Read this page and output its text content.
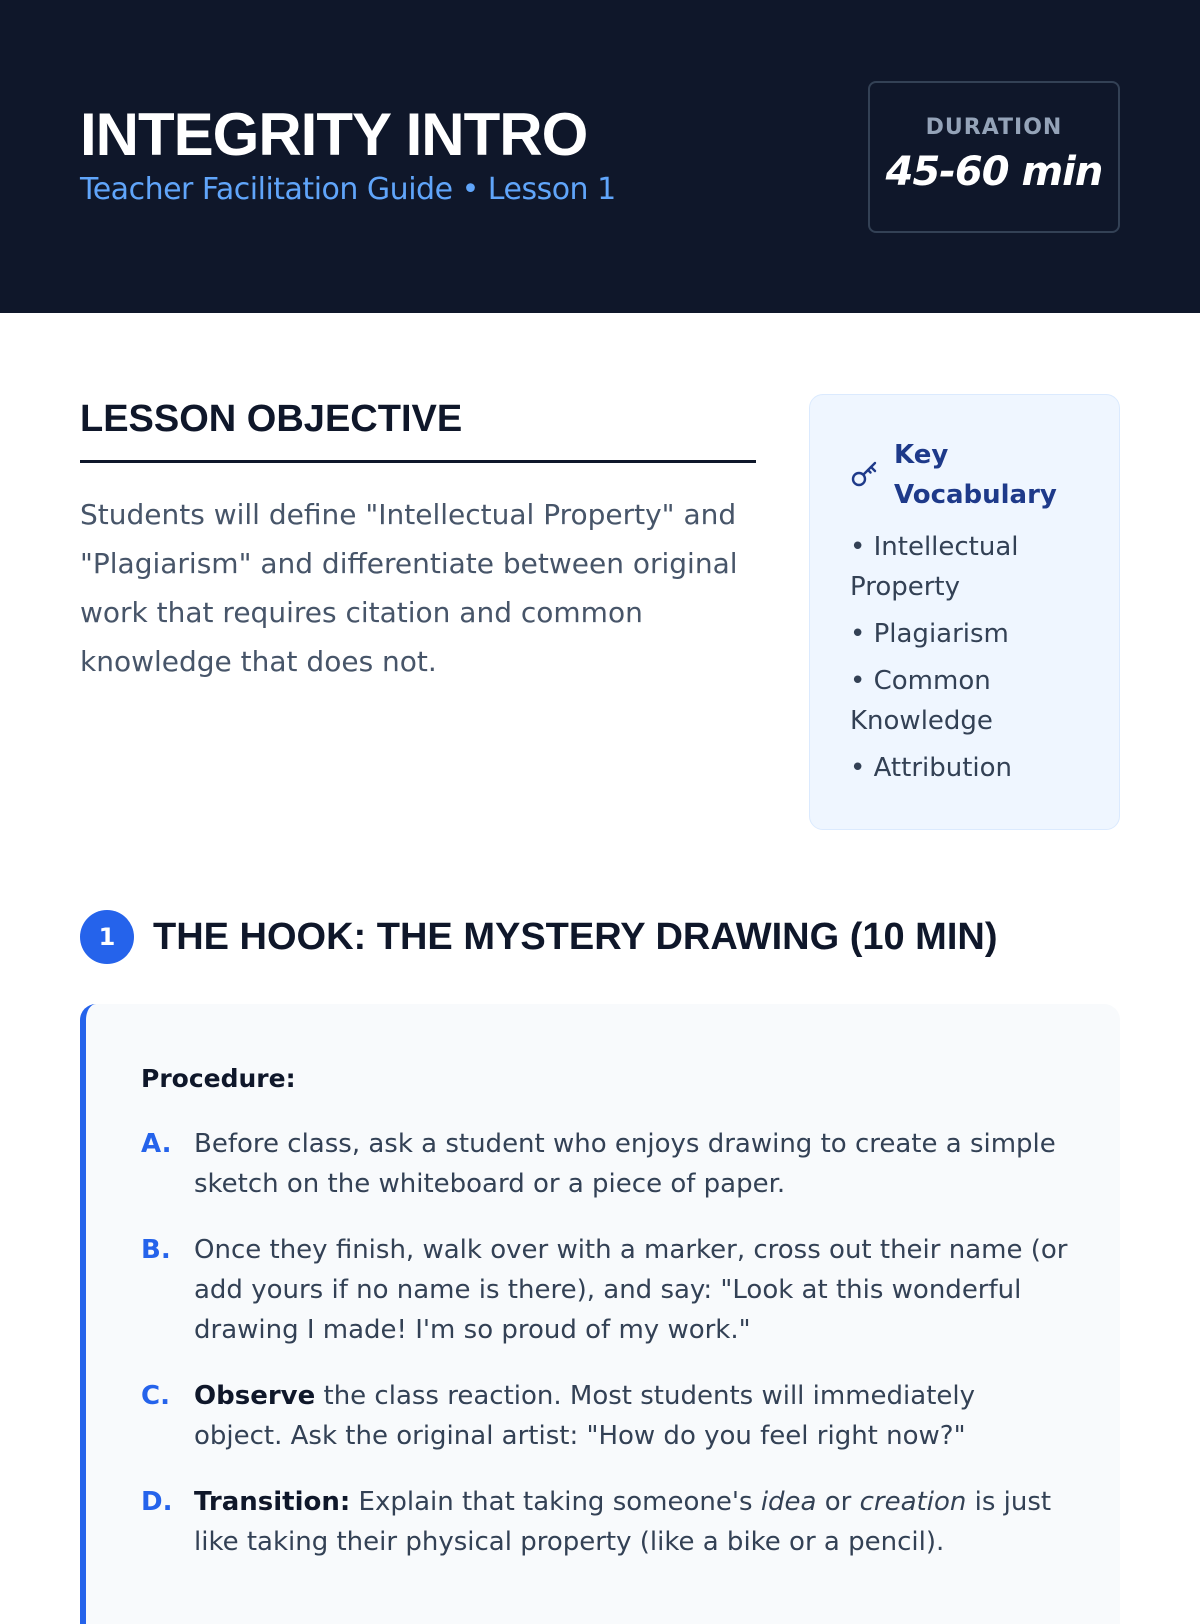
INTEGRITY INTRO
Teacher Facilitation Guide • Lesson 1
DURATION
45-60 min
LESSON OBJECTIVE
Students will define "Intellectual Property" and "Plagiarism" and differentiate between original work that requires citation and common knowledge that does not.
Key Vocabulary
• Intellectual Property
• Plagiarism
• Common Knowledge
• Attribution
1 THE HOOK: THE MYSTERY DRAWING (10 MIN)
Procedure:
A. Before class, ask a student who enjoys drawing to create a simple sketch on the whiteboard or a piece of paper.
B. Once they finish, walk over with a marker, cross out their name (or add yours if no name is there), and say: "Look at this wonderful drawing I made! I'm so proud of my work."
C. Observe the class reaction. Most students will immediately object. Ask the original artist: "How do you feel right now?"
D. Transition: Explain that taking someone's idea or creation is just like taking their physical property (like a bike or a pencil).
